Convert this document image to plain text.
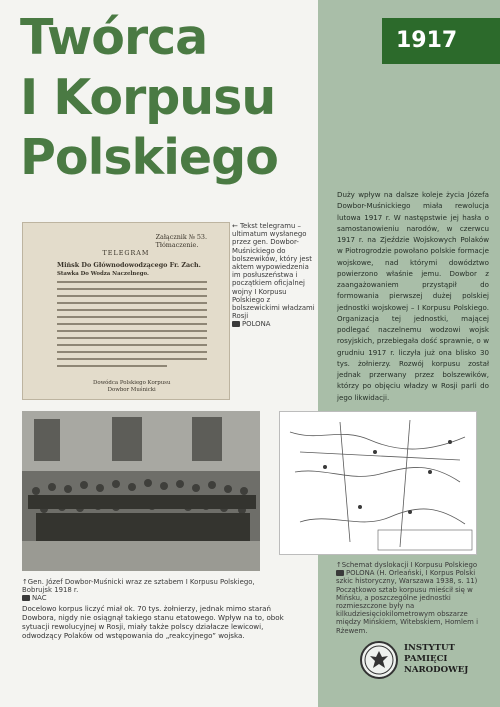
Twórca
I Korpusu
Polskiego
1917

Duży wpływ na dalsze koleje życia Józefa Dowbor-Muśnickiego miała rewolucja lutowa 1917 r. W następstwie jej hasła o samostanowieniu narodów, w czerwcu 1917 r. na Zjeździe Wojskowych Polaków w Piotrogrodzie powołano polskie formacje wojskowe, nad którymi dowództwo powierzono właśnie jemu. Dowbor z zaangażowaniem przystąpił do formowania pierwszej dużej polskiej jednostki wojskowej – I Korpusu Polskiego. Organizacja tej jednostki, mającej podlegać naczelnemu wodzowi wojsk rosyjskich, przebiegała dość sprawnie, o w grudniu 1917 r. liczyła już ona blisko 30 tys. żołnierzy. Rozwój korpusu został jednak przerwany przez bolszewików, którzy po objęciu władzy w Rosji parli do jego likwidacji.

Załącznik № 53.
Tłómaczenie.
TELEGRAM
Mińsk Do Głównodowodzącego Fr. Zach.
Stawka Do Wodza Naczelnego.
Dowódca Polskiego Korpusu
Dowbor Muśnicki
← Tekst telegramu – ultimatum wysłanego przez gen. Dowbor-Muśnickiego do bolszewików, który jest aktem wypowiedzenia im posłuszeństwa i początkiem oficjalnej wojny I Korpusu Polskiego z bolszewickimi władzami Rosji
POLONA
↑Gen. Józef Dowbor-Muśnicki wraz ze sztabem I Korpusu Polskiego, Bobrujsk 1918 r.
NAC

Docelowo korpus liczyć miał ok. 70 tys. żołnierzy, jednak mimo starań Dowbora, nigdy nie osiągnął takiego stanu etatowego. Wpływ na to, obok sytuacji rewolucyjnej w Rosji, miały także polscy działacze lewicowi, odwodzący Polaków od wstępowania do „reakcyjnego” wojska.

↑Schemat dyslokacji I Korpusu Polskiego
POLONA (H. Orleański, I Korpus Polski szkic historyczny, Warszawa 1938, s. 11)
Początkowo sztab korpusu mieścił się w Mińsku, a poszczególne jednostki rozmieszczone były na kilkudziesięciokilometrowym obszarze między Mińskiem, Witebskiem, Homlem i Rżewem.
INSTYTUT
PAMIĘCI
NARODOWEJ
